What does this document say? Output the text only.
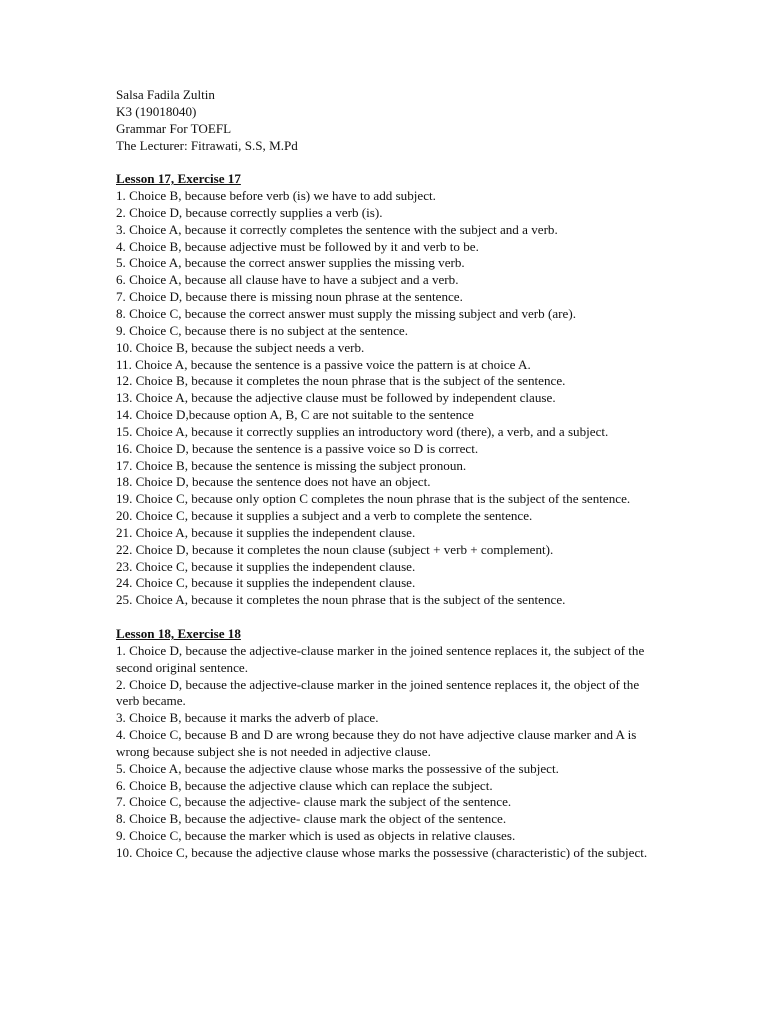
Salsa Fadila Zultin
K3 (19018040)
Grammar For TOEFL
The Lecturer: Fitrawati, S.S, M.Pd
Lesson 17, Exercise 17
1. Choice B, because before verb (is) we have to add subject.
2. Choice D, because correctly supplies a verb (is).
3. Choice A, because it correctly completes the sentence with the subject and a verb.
4. Choice B, because adjective must be followed by it and verb to be.
5. Choice A, because the correct answer supplies the missing verb.
6. Choice A, because all clause have to have a subject and a verb.
7. Choice D, because there is missing noun phrase at the sentence.
8. Choice C, because the correct answer must supply the missing subject and verb (are).
9. Choice C, because there is no subject at the sentence.
10. Choice B, because the subject needs a verb.
11. Choice A, because the sentence is a passive voice the pattern is at choice A.
12. Choice B, because it completes the noun phrase that is the subject of the sentence.
13. Choice A, because the adjective clause must be followed by independent clause.
14. Choice D,because option A, B, C are not suitable to the sentence
15. Choice A, because it correctly supplies an introductory word (there), a verb, and a subject.
16. Choice D, because the sentence is a passive voice so D is correct.
17. Choice B, because the sentence is missing the subject pronoun.
18. Choice D, because the sentence does not have an object.
19. Choice C, because only option C completes the noun phrase that is the subject of the sentence.
20. Choice C, because it supplies a subject and a verb to complete the sentence.
21. Choice A, because it supplies the independent clause.
22. Choice D, because it completes the noun clause (subject + verb + complement).
23. Choice C, because it supplies the independent clause.
24. Choice C, because it supplies the independent clause.
25. Choice A, because it completes the noun phrase that is the subject of the sentence.
Lesson 18, Exercise 18
1. Choice D, because the adjective-clause marker in the joined sentence replaces it, the subject of the second original sentence.
2. Choice D, because the adjective-clause marker in the joined sentence replaces it, the object of the verb became.
3. Choice B, because it marks the adverb of place.
4. Choice C, because B and D are wrong because they do not have adjective clause marker and A is wrong because subject she is not needed in adjective clause.
5. Choice A, because the adjective clause whose marks the possessive of the subject.
6. Choice B, because the adjective clause which can replace the subject.
7. Choice C, because the adjective- clause mark the subject of the sentence.
8. Choice B, because the adjective- clause mark the object of the sentence.
9. Choice C, because the marker which is used as objects in relative clauses.
10. Choice C, because the adjective clause whose marks the possessive (characteristic) of the subject.
